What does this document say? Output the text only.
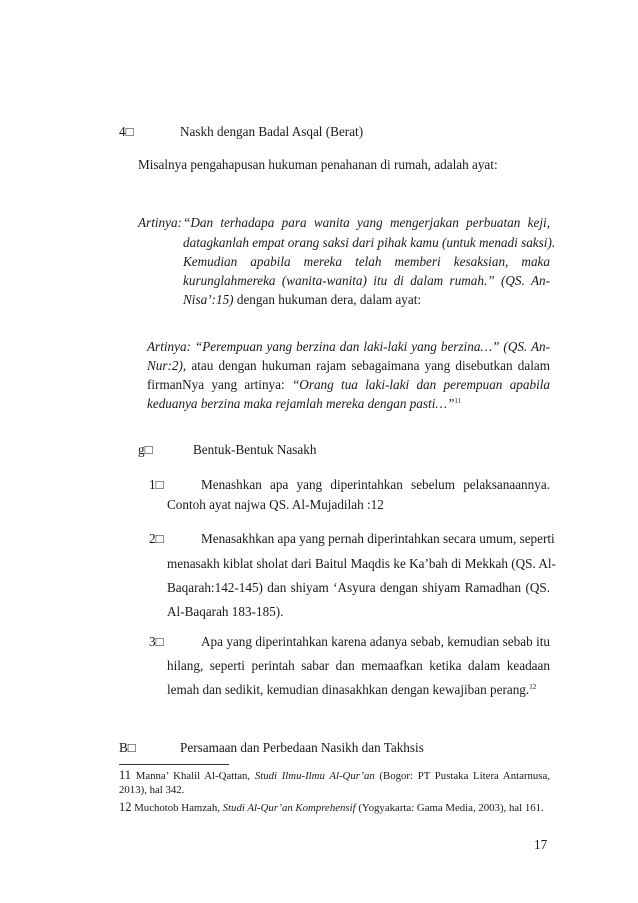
4□	Naskh dengan Badal Asqal (Berat)
Misalnya pengahapusan hukuman penahanan di rumah, adalah ayat:
Artinya: “Dan terhadapa para wanita yang mengerjakan perbuatan keji,
datagkanlah empat orang saksi dari pihak kamu (untuk menadi saksi).
Kemudian apabila mereka telah memberi kesaksian, maka
kurunglahmereka (wanita-wanita) itu di dalam rumah.” (QS. An-
Nisa’:15) dengan hukuman dera, dalam ayat:
Artinya: “Perempuan yang berzina dan laki-laki yang berzina…” (QS. An-
Nur:2), atau dengan hukuman rajam sebagaimana yang disebutkan dalam
firmanNya yang artinya: “Orang tua laki-laki dan perempuan apabila
keduanya berzina maka rejamlah mereka dengan pasti…”$^{11}$
g□	Bentuk-Bentuk Nasakh
1□	Menashkan apa yang diperintahkan sebelum pelaksanaannya.
Contoh ayat najwa QS. Al-Mujadilah :12
2□	Menasakhkan apa yang pernah diperintahkan secara umum, seperti
menasakh kiblat sholat dari Baitul Maqdis ke Ka’bah di Mekkah (QS. Al-
Baqarah:142-145) dan shiyam ‘Asyura dengan shiyam Ramadhan (QS.
Al-Baqarah 183-185).
3□	Apa yang diperintahkan karena adanya sebab, kemudian sebab itu
hilang, seperti perintah sabar dan memaafkan ketika dalam keadaan
lemah dan sedikit, kemudian dinasakhkan dengan kewajiban perang.$^{12}$
B□	Persamaan dan Perbedaan Nasikh dan Takhsis
11 Manna’ Khalil Al-Qattan, Studi Ilmu-Ilmu Al-Qur’an (Bogor: PT Pustaka Litera Antarnusa,
2013), hal 342.
12 Muchotob Hamzah, Studi Al-Qur’an Komprehensif (Yogyakarta: Gama Media, 2003), hal 161.
17
